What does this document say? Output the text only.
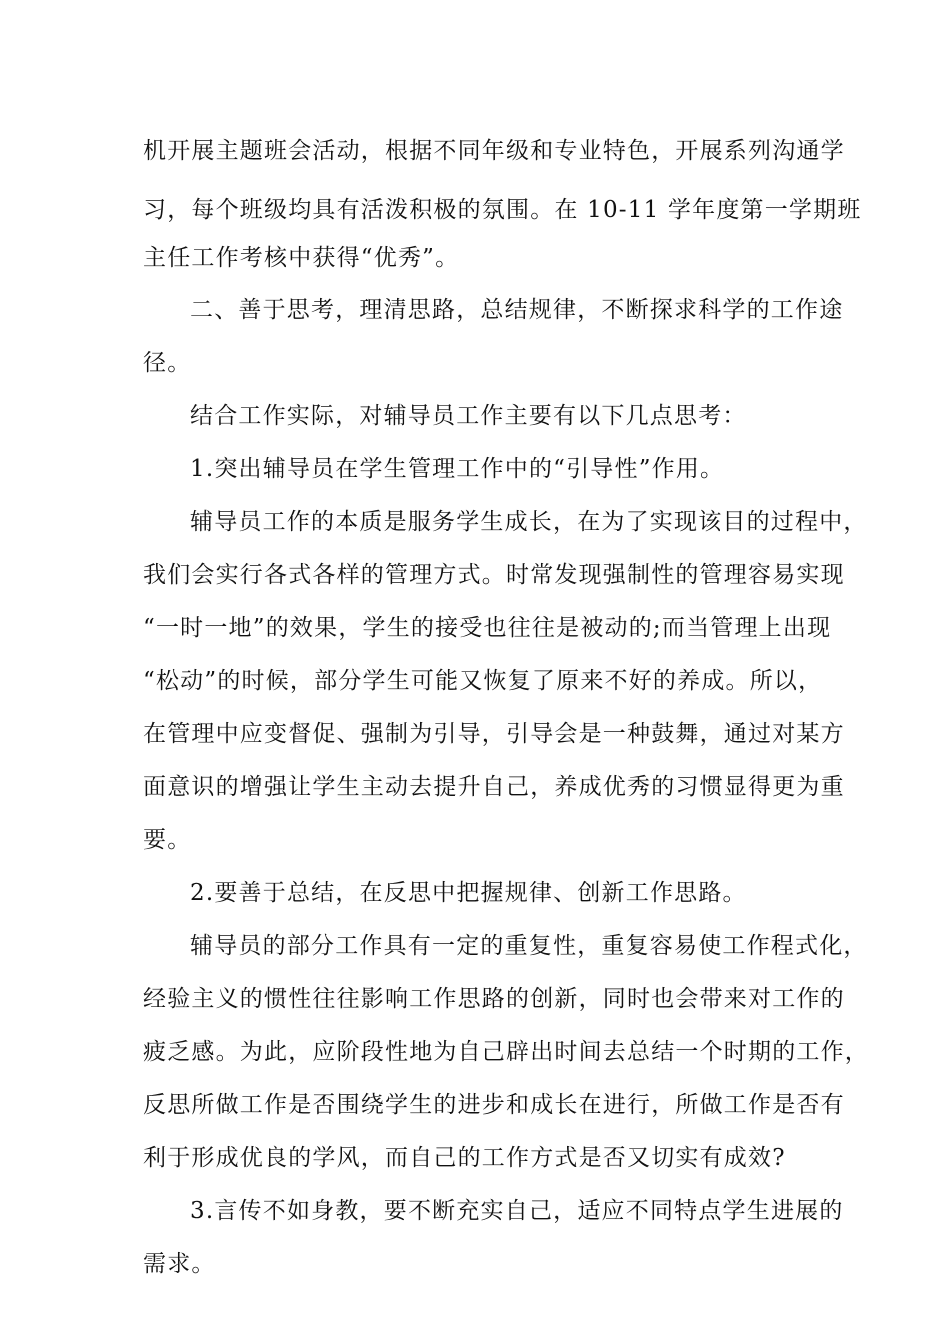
机开展主题班会活动，根据不同年级和专业特色，开展系列沟通学
习，每个班级均具有活泼积极的氛围。在 10-11 学年度第一学期班
主任工作考核中获得“优秀”。
二、善于思考，理清思路，总结规律，不断探求科学的工作途
径。
结合工作实际，对辅导员工作主要有以下几点思考：
1.突出辅导员在学生管理工作中的“引导性”作用。
辅导员工作的本质是服务学生成长，在为了实现该目的过程中，
我们会实行各式各样的管理方式。时常发现强制性的管理容易实现
“一时一地”的效果，学生的接受也往往是被动的;而当管理上出现
“松动”的时候，部分学生可能又恢复了原来不好的养成。所以，
在管理中应变督促、强制为引导，引导会是一种鼓舞，通过对某方
面意识的增强让学生主动去提升自己，养成优秀的习惯显得更为重
要。
2.要善于总结，在反思中把握规律、创新工作思路。
辅导员的部分工作具有一定的重复性，重复容易使工作程式化，
经验主义的惯性往往影响工作思路的创新，同时也会带来对工作的
疲乏感。为此，应阶段性地为自己辟出时间去总结一个时期的工作，
反思所做工作是否围绕学生的进步和成长在进行，所做工作是否有
利于形成优良的学风，而自己的工作方式是否又切实有成效?
3.言传不如身教，要不断充实自己，适应不同特点学生进展的
需求。
